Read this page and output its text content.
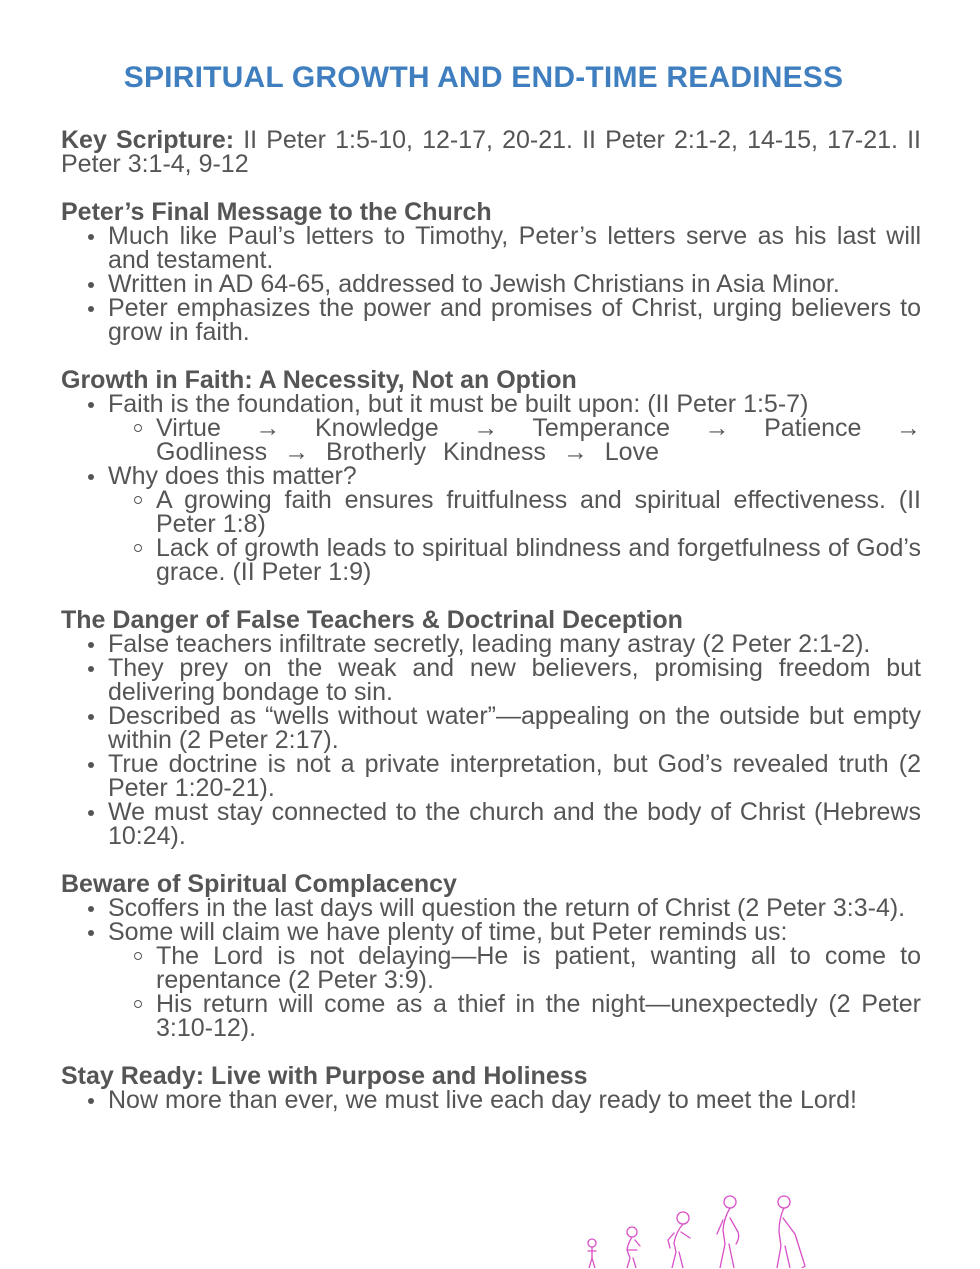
SPIRITUAL GROWTH AND END-TIME READINESS

Key Scripture: II Peter 1:5-10, 12-17, 20-21. II Peter 2:1-2, 14-15, 17-21. II Peter 3:1-4, 9-12

Peter’s Final Message to the Church
Much like Paul’s letters to Timothy, Peter’s letters serve as his last will and testament.
Written in AD 64-65, addressed to Jewish Christians in Asia Minor.
Peter emphasizes the power and promises of Christ, urging believers to grow in faith.
Growth in Faith: A Necessity, Not an Option
Faith is the foundation, but it must be built upon: (II Peter 1:5-7)
Virtue → Knowledge → Temperance → Patience → Godliness → Brotherly Kindness → Love
Why does this matter?
A growing faith ensures fruitfulness and spiritual effectiveness. (II Peter 1:8)
Lack of growth leads to spiritual blindness and forgetfulness of God’s grace. (II Peter 1:9)
The Danger of False Teachers & Doctrinal Deception
False teachers infiltrate secretly, leading many astray (2 Peter 2:1-2).
They prey on the weak and new believers, promising freedom but delivering bondage to sin.
Described as “wells without water”—appealing on the outside but empty within (2 Peter 2:17).
True doctrine is not a private interpretation, but God’s revealed truth (2 Peter 1:20-21).
We must stay connected to the church and the body of Christ (Hebrews 10:24).
Beware of Spiritual Complacency
Scoffers in the last days will question the return of Christ (2 Peter 3:3-4).
Some will claim we have plenty of time, but Peter reminds us:
The Lord is not delaying—He is patient, wanting all to come to repentance (2 Peter 3:9).
His return will come as a thief in the night—unexpectedly (2 Peter 3:10-12).
Stay Ready: Live with Purpose and Holiness
Now more than ever, we must live each day ready to meet the Lord!
